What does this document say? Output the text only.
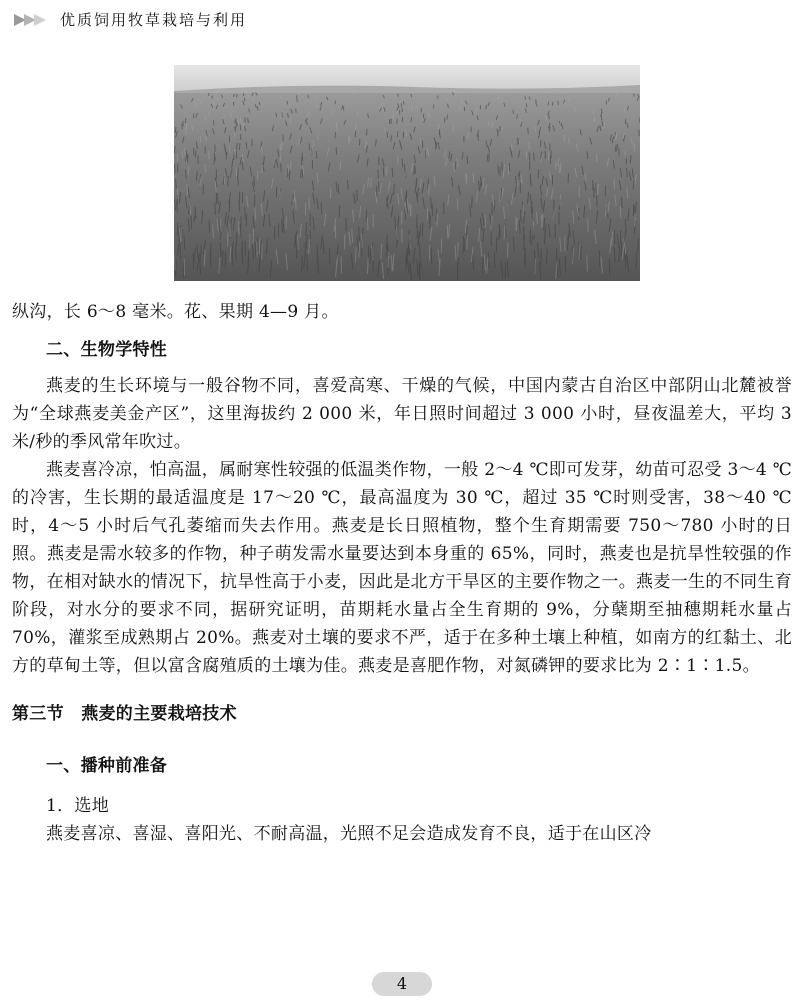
优质饲用牧草栽培与利用

纵沟，长 6～8 毫米。花、果期 4—9 月。

二、生物学特性

燕麦的生长环境与一般谷物不同，喜爱高寒、干燥的气候，中国内蒙古自治区中部阴山北麓被誉为“全球燕麦美金产区”，这里海拔约 2 000 米，年日照时间超过 3 000 小时，昼夜温差大，平均 3 米/秒的季风常年吹过。

燕麦喜冷凉，怕高温，属耐寒性较强的低温类作物，一般 2～4 ℃即可发芽，幼苗可忍受 3～4 ℃的冷害，生长期的最适温度是 17～20 ℃，最高温度为 30 ℃，超过 35 ℃时则受害，38～40 ℃时，4～5 小时后气孔萎缩而失去作用。燕麦是长日照植物，整个生育期需要 750～780 小时的日照。燕麦是需水较多的作物，种子萌发需水量要达到本身重的 65%，同时，燕麦也是抗旱性较强的作物，在相对缺水的情况下，抗旱性高于小麦，因此是北方干旱区的主要作物之一。燕麦一生的不同生育阶段，对水分的要求不同，据研究证明，苗期耗水量占全生育期的 9%，分蘖期至抽穗期耗水量占 70%，灌浆至成熟期占 20%。燕麦对土壤的要求不严，适于在多种土壤上种植，如南方的红黏土、北方的草甸土等，但以富含腐殖质的土壤为佳。燕麦是喜肥作物，对氮磷钾的要求比为 2∶1∶1.5。

第三节　燕麦的主要栽培技术

一、播种前准备

1．选地

燕麦喜凉、喜湿、喜阳光、不耐高温，光照不足会造成发育不良，适于在山区冷

4
